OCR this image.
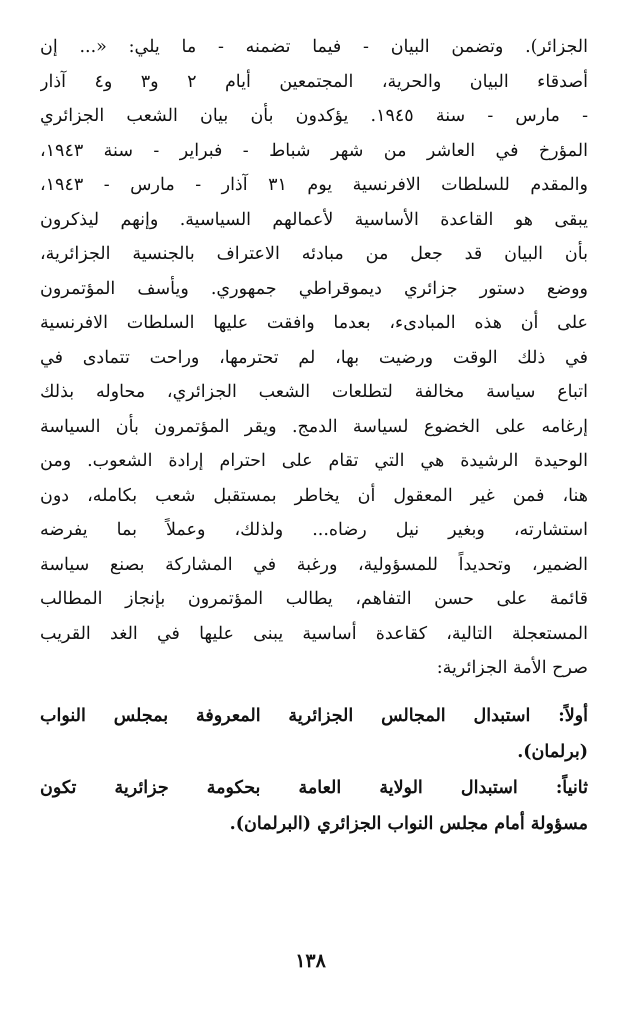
الجزائر). وتضمن البيان - فيما تضمنه - ما يلي: «... إن
أصدقاء البيان والحرية، المجتمعين أيام ٢ و٣ و٤ آذار
- مارس - سنة ١٩٤٥. يؤكدون بأن بيان الشعب الجزائري
المؤرخ في العاشر من شهر شباط - فبراير - سنة ١٩٤٣،
والمقدم للسلطات الافرنسية يوم ٣١ آذار - مارس - ١٩٤٣،
يبقى هو القاعدة الأساسية لأعمالهم السياسية. وإنهم ليذكرون
بأن البيان قد جعل من مبادئه الاعتراف بالجنسية الجزائرية،
ووضع دستور جزائري ديموقراطي جمهوري. ويأسف المؤتمرون
على أن هذه المبادىء، بعدما وافقت عليها السلطات الافرنسية
في ذلك الوقت ورضيت بها، لم تحترمها، وراحت تتمادى في
اتباع سياسة مخالفة لتطلعات الشعب الجزائري، محاوله بذلك
إرغامه على الخضوع لسياسة الدمج. ويقر المؤتمرون بأن السياسة
الوحيدة الرشيدة هي التي تقام على احترام إرادة الشعوب. ومن
هنا، فمن غير المعقول أن يخاطر بمستقبل شعب بكامله، دون
استشارته، وبغير نيل رضاه... ولذلك، وعملاً بما يفرضه
الضمير، وتحديداً للمسؤولية، ورغبة في المشاركة بصنع سياسة
قائمة على حسن التفاهم، يطالب المؤتمرون بإنجاز المطالب
المستعجلة التالية، كقاعدة أساسية يبنى عليها في الغد القريب
صرح الأمة الجزائرية:
أولاً: استبدال المجالس الجزائرية المعروفة بمجلس النواب
(برلمان).
ثانياً: استبدال الولاية العامة بحكومة جزائرية تكون
مسؤولة أمام مجلس النواب الجزائري (البرلمان).
١٣٨
